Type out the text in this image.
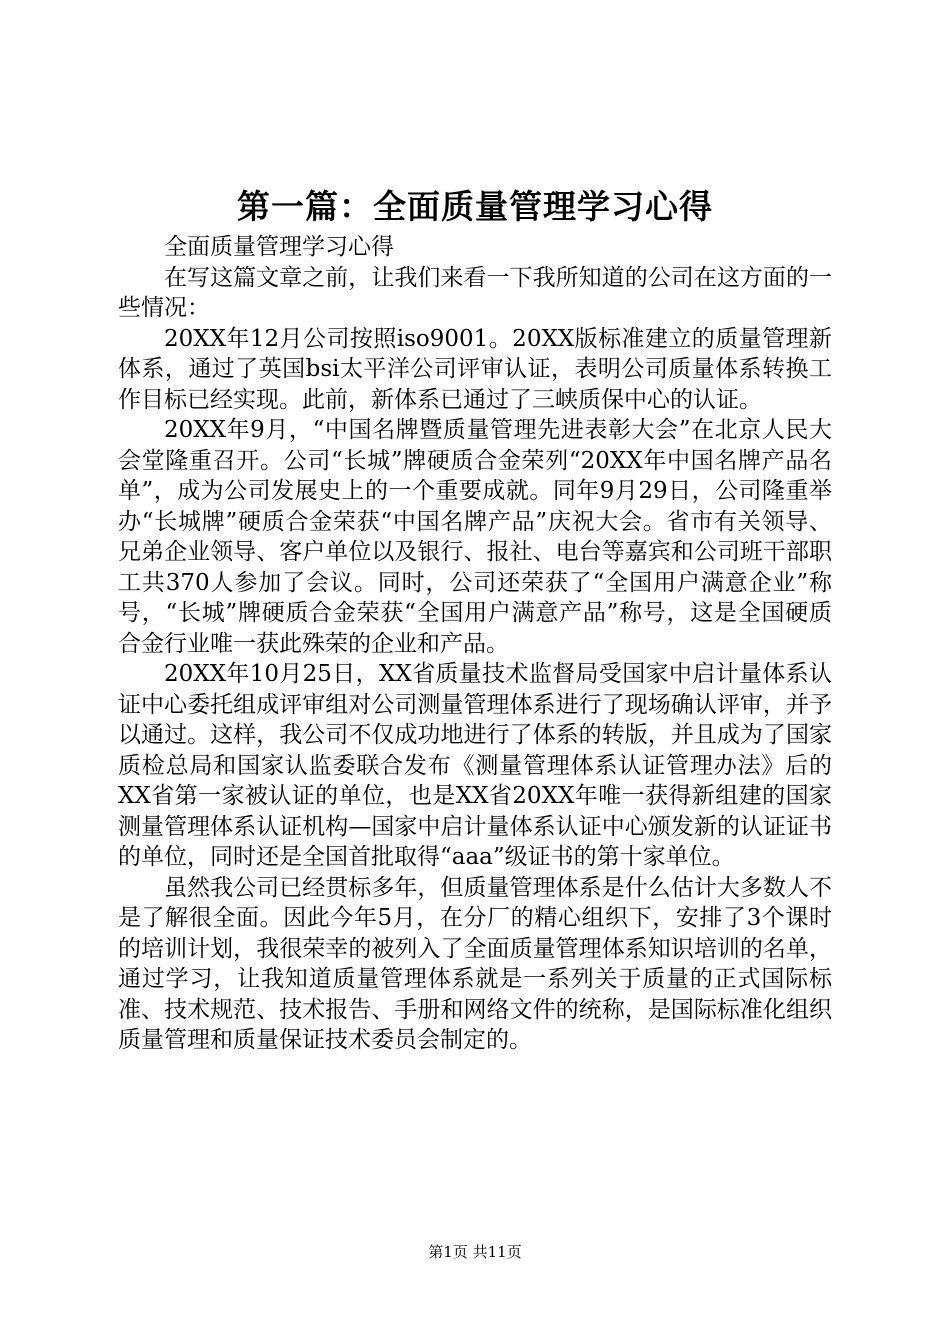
第一篇：全面质量管理学习心得

全面质量管理学习心得

在写这篇文章之前，让我们来看一下我所知道的公司在这方面的一些情况：

20XX年12月公司按照iso9001。20XX版标准建立的质量管理新体系，通过了英国bsi太平洋公司评审认证，表明公司质量体系转换工作目标已经实现。此前，新体系已通过了三峡质保中心的认证。

20XX年9月，“中国名牌暨质量管理先进表彰大会”在北京人民大会堂隆重召开。公司“长城”牌硬质合金荣列“20XX年中国名牌产品名单”，成为公司发展史上的一个重要成就。同年9月29日，公司隆重举办“长城牌”硬质合金荣获“中国名牌产品”庆祝大会。省市有关领导、兄弟企业领导、客户单位以及银行、报社、电台等嘉宾和公司班干部职工共370人参加了会议。同时，公司还荣获了“全国用户满意企业”称号，“长城”牌硬质合金荣获“全国用户满意产品”称号，这是全国硬质合金行业唯一获此殊荣的企业和产品。

20XX年10月25日，XX省质量技术监督局受国家中启计量体系认证中心委托组成评审组对公司测量管理体系进行了现场确认评审，并予以通过。这样，我公司不仅成功地进行了体系的转版，并且成为了国家质检总局和国家认监委联合发布《测量管理体系认证管理办法》后的XX省第一家被认证的单位，也是XX省20XX年唯一获得新组建的国家测量管理体系认证机构—国家中启计量体系认证中心颁发新的认证证书的单位，同时还是全国首批取得“aaa”级证书的第十家单位。

虽然我公司已经贯标多年，但质量管理体系是什么估计大多数人不是了解很全面。因此今年5月，在分厂的精心组织下，安排了3个课时的培训计划，我很荣幸的被列入了全面质量管理体系知识培训的名单，通过学习，让我知道质量管理体系就是一系列关于质量的正式国际标准、技术规范、技术报告、手册和网络文件的统称，是国际标准化组织质量管理和质量保证技术委员会制定的。

第1页 共11页
